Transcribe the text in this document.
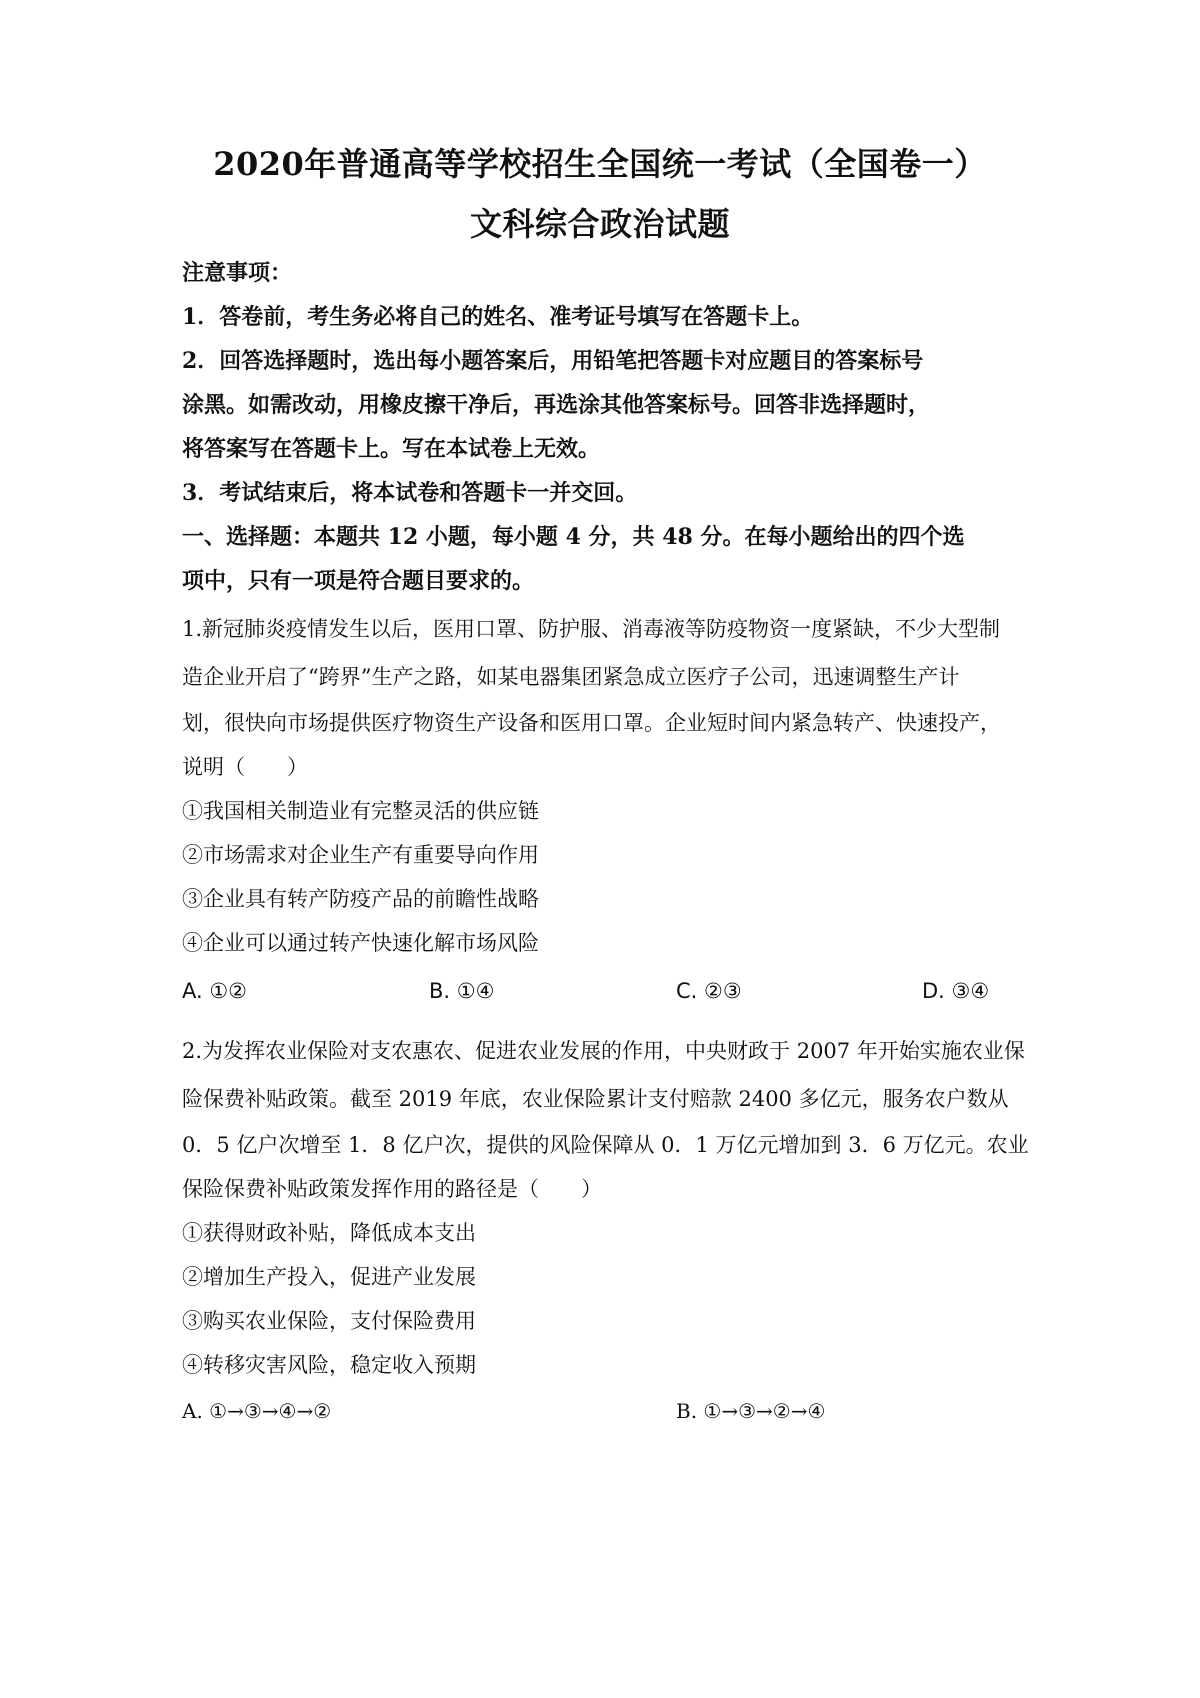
2020年普通高等学校招生全国统一考试（全国卷一）
文科综合政治试题
注意事项：
1．答卷前，考生务必将自己的姓名、准考证号填写在答题卡上。
2．回答选择题时，选出每小题答案后，用铅笔把答题卡对应题目的答案标号
涂黑。如需改动，用橡皮擦干净后，再选涂其他答案标号。回答非选择题时，
将答案写在答题卡上。写在本试卷上无效。
3．考试结束后，将本试卷和答题卡一并交回。
一、选择题：本题共 12 小题，每小题 4 分，共 48 分。在每小题给出的四个选
项中，只有一项是符合题目要求的。
1.新冠肺炎疫情发生以后，医用口罩、防护服、消毒液等防疫物资一度紧缺，不少大型制
造企业开启了“跨界”生产之路，如某电器集团紧急成立医疗子公司，迅速调整生产计
划，很快向市场提供医疗物资生产设备和医用口罩。企业短时间内紧急转产、快速投产，
说明（　　）
①我国相关制造业有完整灵活的供应链
②市场需求对企业生产有重要导向作用
③企业具有转产防疫产品的前瞻性战略
④企业可以通过转产快速化解市场风险
A. ①②	B. ①④	C. ②③	D. ③④
2.为发挥农业保险对支农惠农、促进农业发展的作用，中央财政于 2007 年开始实施农业保
险保费补贴政策。截至 2019 年底，农业保险累计支付赔款 2400 多亿元，服务农户数从
0．5 亿户次增至 1．8 亿户次，提供的风险保障从 0．1 万亿元增加到 3．6 万亿元。农业
保险保费补贴政策发挥作用的路径是（　　）
①获得财政补贴，降低成本支出
②增加生产投入，促进产业发展
③购买农业保险，支付保险费用
④转移灾害风险，稳定收入预期
A. ①→③→④→②	B. ①→③→②→④
